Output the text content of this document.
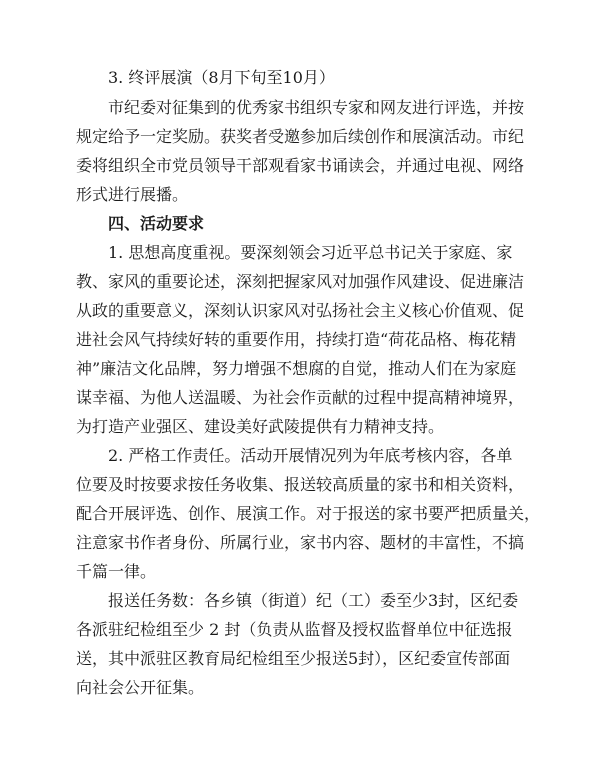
3. 终评展演（8月下旬至10月）
市纪委对征集到的优秀家书组织专家和网友进行评选，并按
规定给予一定奖励。获奖者受邀参加后续创作和展演活动。市纪
委将组织全市党员领导干部观看家书诵读会，并通过电视、网络
形式进行展播。
四、活动要求
1. 思想高度重视。要深刻领会习近平总书记关于家庭、家
教、家风的重要论述，深刻把握家风对加强作风建设、促进廉洁
从政的重要意义，深刻认识家风对弘扬社会主义核心价值观、促
进社会风气持续好转的重要作用，持续打造“荷花品格、梅花精
神”廉洁文化品牌，努力增强不想腐的自觉，推动人们在为家庭
谋幸福、为他人送温暖、为社会作贡献的过程中提高精神境界，
为打造产业强区、建设美好武陵提供有力精神支持。
2. 严格工作责任。活动开展情况列为年底考核内容，各单
位要及时按要求按任务收集、报送较高质量的家书和相关资料，
配合开展评选、创作、展演工作。对于报送的家书要严把质量关，
注意家书作者身份、所属行业，家书内容、题材的丰富性，不搞
千篇一律。
报送任务数：各乡镇（街道）纪（工）委至少3封，区纪委
各派驻纪检组至少 2 封（负责从监督及授权监督单位中征选报
送，其中派驻区教育局纪检组至少报送5封），区纪委宣传部面
向社会公开征集。
